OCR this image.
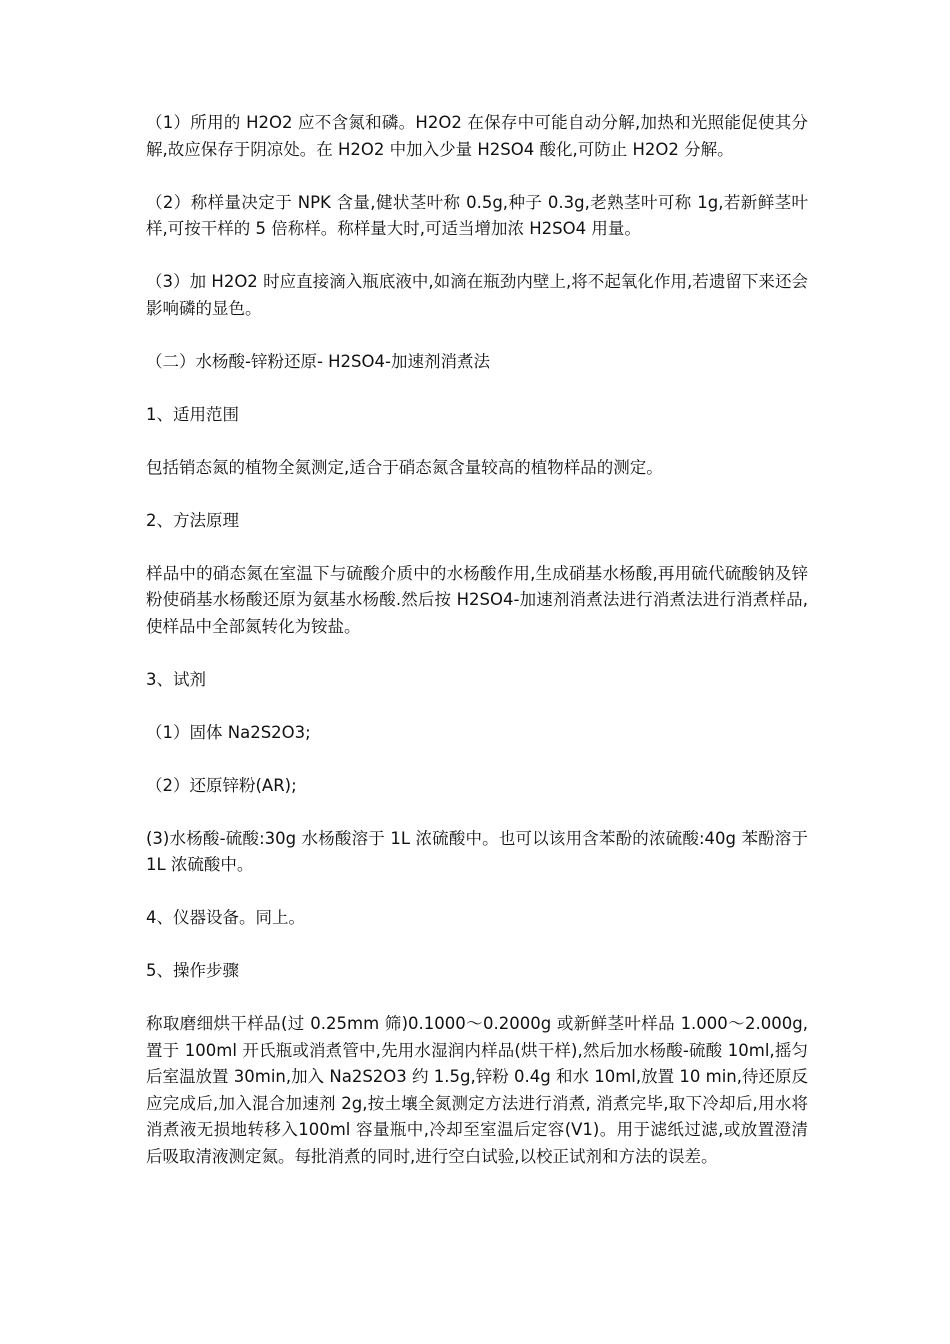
（1）所用的 H2O2 应不含氮和磷。H2O2 在保存中可能自动分解,加热和光照能促使其分解,故应保存于阴凉处。在 H2O2 中加入少量 H2SO4 酸化,可防止 H2O2 分解。

（2）称样量决定于 NPK 含量,健状茎叶称 0.5g,种子 0.3g,老熟茎叶可称 1g,若新鲜茎叶样,可按干样的 5 倍称样。称样量大时,可适当增加浓 H2SO4 用量。

（3）加 H2O2 时应直接滴入瓶底液中,如滴在瓶劲内壁上,将不起氧化作用,若遗留下来还会影响磷的显色。

（二）水杨酸-锌粉还原- H2SO4-加速剂消煮法

1、适用范围

包括销态氮的植物全氮测定,适合于硝态氮含量较高的植物样品的测定。

2、方法原理

样品中的硝态氮在室温下与硫酸介质中的水杨酸作用,生成硝基水杨酸,再用硫代硫酸钠及锌粉使硝基水杨酸还原为氨基水杨酸.然后按 H2SO4-加速剂消煮法进行消煮法进行消煮样品,使样品中全部氮转化为铵盐。

3、试剂

（1）固体 Na2S2O3;

（2）还原锌粉(AR);

(3)水杨酸-硫酸:30g 水杨酸溶于 1L 浓硫酸中。也可以该用含苯酚的浓硫酸:40g 苯酚溶于 1L 浓硫酸中。

4、仪器设备。同上。

5、操作步骤

称取磨细烘干样品(过 0.25mm 筛)0.1000～0.2000g 或新鲜茎叶样品 1.000～2.000g,置于 100ml 开氏瓶或消煮管中,先用水湿润内样品(烘干样),然后加水杨酸-硫酸 10ml,摇匀后室温放置 30min,加入 Na2S2O3 约 1.5g,锌粉 0.4g 和水 10ml,放置 10 min,待还原反应完成后,加入混合加速剂 2g,按土壤全氮测定方法进行消煮, 消煮完毕,取下冷却后,用水将消煮液无损地转移入100ml 容量瓶中,冷却至室温后定容(V1)。用于滤纸过滤,或放置澄清后吸取清液测定氮。每批消煮的同时,进行空白试验,以校正试剂和方法的误差。
